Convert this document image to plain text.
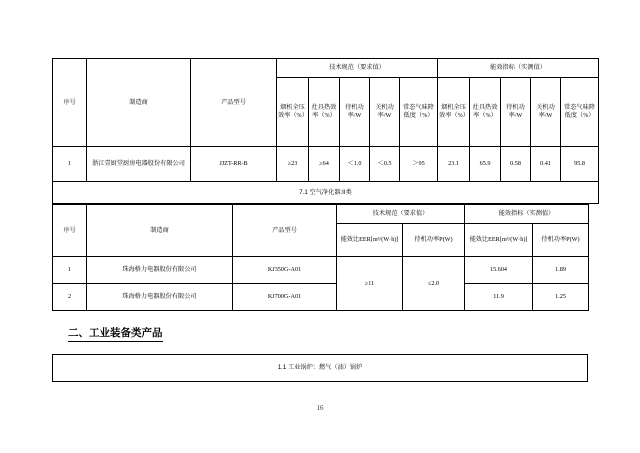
序号	制造商	产品型号	技术规范（要求值）					能效指标（实测值）				
			烟机全压效率（%）	灶具热效率（%）	待机功率/W	关机功率/W	常态气味降低度（%）	烟机全压效率（%）	灶具热效率（%）	待机功率/W	关机功率/W	常态气味降低度（%）
1	浙江壹厨堂厨房电器股份有限公司	JJZT-RR-B	≥23	≥64	＜1.0	＜0.5	＞95	23.1	65.9	0.58	0.41	95.8
7.1 空气净化器:II类												
序号	制造商	产品型号	技术规范（要求值）		能效指标（实测值）	
			能效比EER[m³/(W·h)]	待机功率P(W)	能效比EER[m³/(W·h)]	待机功率P(W)
1	珠海格力电器股份有限公司	KJ350G-A01	≥11	≤2.0	15.604	1.89
2	珠海格力电器股份有限公司	KJ700G-A01			11.9	1.25
二、工业装备类产品
1.1 工业锅炉：燃气（油）锅炉
16
